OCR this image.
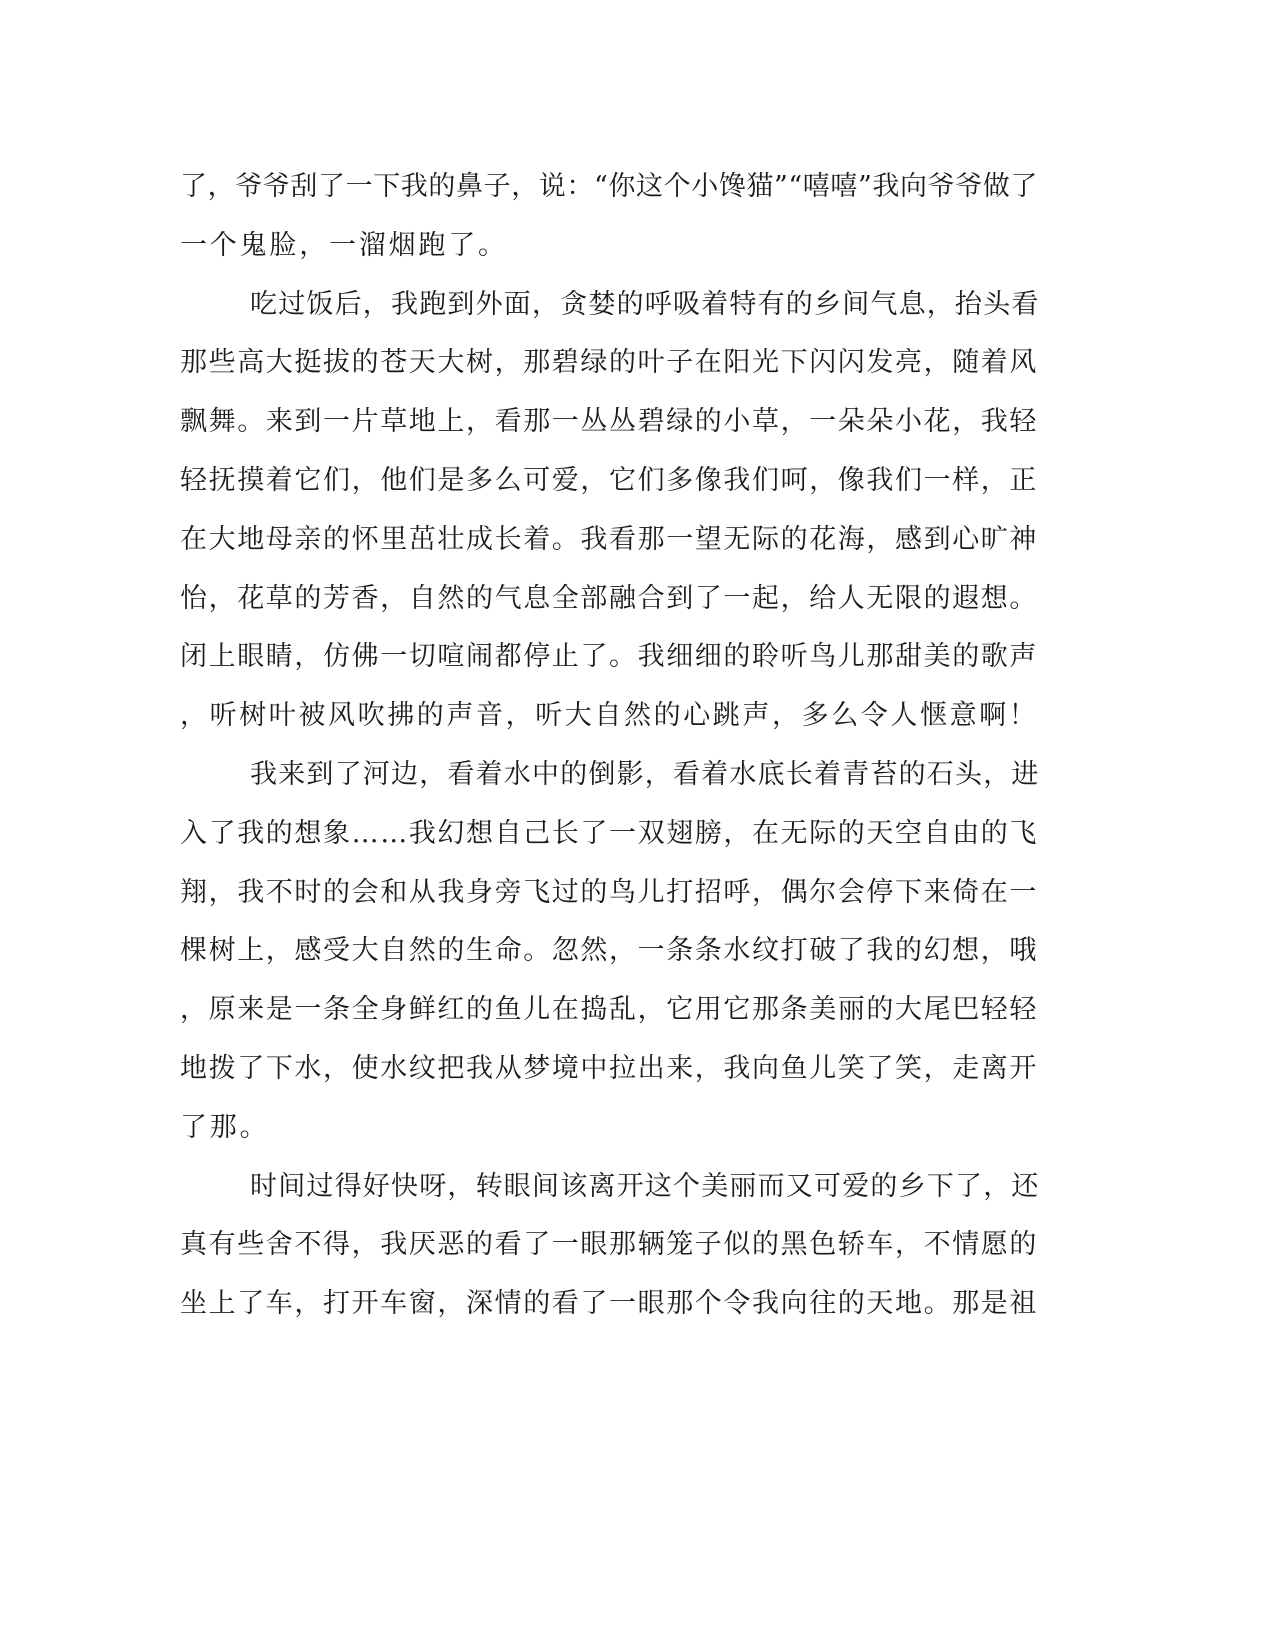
了，爷爷刮了一下我的鼻子，说：“你这个小馋猫”“嘻嘻”我向爷爷做了
一个鬼脸，一溜烟跑了。
吃过饭后，我跑到外面，贪婪的呼吸着特有的乡间气息，抬头看
那些高大挺拔的苍天大树，那碧绿的叶子在阳光下闪闪发亮，随着风
飘舞。来到一片草地上，看那一丛丛碧绿的小草，一朵朵小花，我轻
轻抚摸着它们，他们是多么可爱，它们多像我们呵，像我们一样，正
在大地母亲的怀里茁壮成长着。我看那一望无际的花海，感到心旷神
怡，花草的芳香，自然的气息全部融合到了一起，给人无限的遐想。
闭上眼睛，仿佛一切喧闹都停止了。我细细的聆听鸟儿那甜美的歌声
，听树叶被风吹拂的声音，听大自然的心跳声，多么令人惬意啊！
我来到了河边，看着水中的倒影，看着水底长着青苔的石头，进
入了我的想象……我幻想自己长了一双翅膀，在无际的天空自由的飞
翔，我不时的会和从我身旁飞过的鸟儿打招呼，偶尔会停下来倚在一
棵树上，感受大自然的生命。忽然，一条条水纹打破了我的幻想，哦
，原来是一条全身鲜红的鱼儿在捣乱，它用它那条美丽的大尾巴轻轻
地拨了下水，使水纹把我从梦境中拉出来，我向鱼儿笑了笑，走离开
了那。
时间过得好快呀，转眼间该离开这个美丽而又可爱的乡下了，还
真有些舍不得，我厌恶的看了一眼那辆笼子似的黑色轿车，不情愿的
坐上了车，打开车窗，深情的看了一眼那个令我向往的天地。那是祖
